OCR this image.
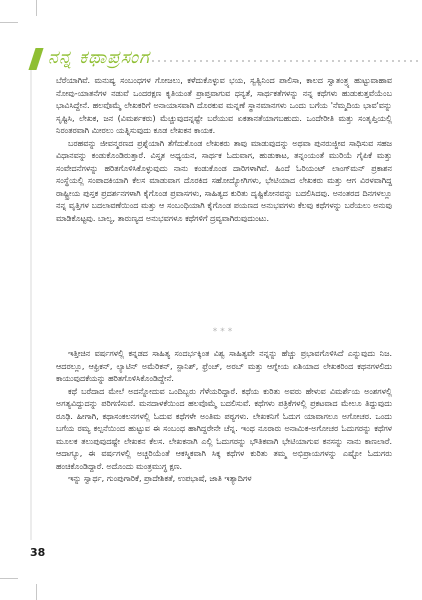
ನನ್ನ ಕಥಾಪ್ರಸಂಗ

ಬೆರೆಯಾಗಿವೆ. ಮನುಷ್ಯ ಸಂಬಂಧಗಳ ಗೋಜಲು, ಕಳೆದುಕೊಳ್ಳುವ ಭಯ, ಸ್ವತ್ವಿನಿಂದ ಪಾಲಿಸಾ, ಕಾಲದ ಸ್ವಾತಂತ್ರ್ಯ ಹುಟ್ಟುವಾಹಾವ ನೋವು-ಯಾತನೆಗಳ ನಡುವೆ ಒಂದರಕ್ಷಣ ಕೃತಿಯಂತೆ ಪ್ರಾಪ್ತವಾಗುವ ಧನ್ಯತೆ, ಸಾರ್ಥಕತೆಗಳನ್ನು ನನ್ನ ಕಥೆಗಳು ಹುಡುಕುತ್ತವೆಯೆಂಬ ಭಾವಿಸಿದ್ದೇನೆ. ಹಲವೊಮ್ಮೆ ಲೇಖಕರಿಗೆ ಅನಾಯಾಸವಾಗಿ ದೊರಕುವ ಮನ್ನಣೆ ಸ್ಥಾನಮಾನಗಳು ಒಂದು ಬಗೆಯ 'ನೆಮ್ಮದಿಯ ಭಾವ'ವನ್ನು ಸೃಷ್ಟಿಸಿ, ಲೇಖಕ, ಜನ (ವಿಮರ್ಶಕರು) ಮೆಚ್ಚುವುದನ್ನಷ್ಟೇ ಬರೆಯುವ ಏಕತಾನತೆಯಾಗಬಹುದು. ಒಂದೇರೀತಿ ಮತ್ತು ಸಂತೃಪ್ತಿಯಲ್ಲಿ ನಿರಂತರವಾಗಿ ಮೀರಲು ಯತ್ನಿಸುವುದು ಕೂಡ ಲೇಖಕನ ಕಾಯಕ.

ಬರಹವನ್ನು ಜೀವನ್ಮರಣದ ಪ್ರಶ್ನೆಯಾಗಿ ತೆಗೆದುಕೊಂಡ ಲೇಖಕರು ತಾವು ಮಾಡುವುದನ್ನು ಅಥವಾ ಪುನರುಜ್ಜೀವ ಸಾಧಿಸುವ ಸಹಜ ವಿಧಾನವನ್ನು ಕಂಡುಕೊಂಡಿರುತ್ತಾರೆ. ವಿಸ್ತೃತ ಅಧ್ಯಯನ, ಸಾರ್ಥಕ ಓದುವಾಗ, ಹುಡುಕಾಟ, ತನ್ನಂಯಂತೆ ಮುರಿಯೆ ಗೈಪಿಕೆ ಮತ್ತು ಸಂವೇದನೆಗಳನ್ನು ಹರಿತಗೊಳಿಸಿಕೊಳ್ಳುವುದು ನಾನು ಕಂಡುಕೊಂಡ ದಾರಿಗಳಾಗಿವೆ. ಹಿಂದೆ ಓರಿಯಂಟ್ ಲಾಂಗ್‌ಮನ್ ಪ್ರಕಾಶನ ಸಂಸ್ಥೆಯಲ್ಲಿ ಸಂಪಾದಕಿಯಾಗಿ ಕೆಲಸ ಮಾಡುವಾಗ ದೊರಕಿದ ಸಹೋದ್ಯೋಗಿಗಳು, ಭೇಟಿಯಾದ ಲೇಖಕರು ಮತ್ತು ಆಗ ವಿರಳವಾಗಿದ್ದ ರಾಷ್ಟ್ರೀಯ ಪುಸ್ತಕ ಪ್ರದರ್ಶನಗಳಾಗಿ ಕೈಗೊಂಡ ಪ್ರವಾಸಗಳು, ಸಾಹಿತ್ಯದ ಕುರಿತು ದೃಷ್ಟಿಕೋನವನ್ನು ಬದಲಿಸಿದವು. ಅನಂತರದ ದಿನಗಳಲ್ಲೂ ನನ್ನ ವೃತ್ತಿಗಳ ಬದಲಾವಣೆಯಿಂದ ಮತ್ತು ಆ ಸಂಬಂಧಿಯಾಗಿ ಕೈಗೊಂಡ ಪಯಣದ ಅನುಭವಗಳು ಕೆಲವು ಕಥೆಗಳನ್ನು ಬರೆಯಲು ಅನುವು ಮಾಡಿಕೊಟ್ಟವು. ಬಾಲ್ಯ, ತಾರುಣ್ಯದ ಅನುಭವಗಳೂ ಕಥೆಗಳಿಗೆ ದ್ರವ್ಯವಾಗಿರುವುದುಂಟು.

***

ಇತ್ತೀಚಿನ ವರ್ಷಗಳಲ್ಲಿ ಕನ್ನಡದ ಸಾಹಿತ್ಯ ಸಂದರ್ಭಕ್ಕಿಂತ ವಿಶ್ವ ಸಾಹಿತ್ಯವೇ ನನ್ನನ್ನು ಹೆಚ್ಚು ಪ್ರಭಾವಗೊಳಿಸಿದೆ ಎನ್ನುವುದು ನಿಜ. ಆದರಲ್ಲೂ, ಆಫ್ರಿಕನ್, ಲ್ಯಾಟಿನ್ ಅಮೆರಿಕನ್, ಸ್ಪಾನಿಶ್, ಫ್ರೆಂಚ್, ಅರಬ್ ಮತ್ತು ಆಗ್ನೇಯ ಏಶಿಯಾದ ಲೇಖಕರಿಂದ ಕಥನಗಳಲಿದು ಕಾಯುವುದಕೆಯನ್ನು ಹರಿತಗೊಳಿಸಿಕೊಂಡಿದ್ದೇನೆ.

ಕಥೆ ಬರೆದಾದ ಮೇಲೆ ಅದನ್ನೋದುವ ಒಂದಿಬ್ಬರು ಗೆಳೆಯರಿದ್ದಾರೆ. ಕಥೆಯ ಕುರಿತು ಅವರು ಹೇಳುವ ವಿಮರ್ಶೆಯ ಅಂಶಗಳಲ್ಲಿ ಅಗತ್ಯವಿದ್ದುದನ್ನು ಪರಿಗಣಿಸುವೆ. ಮನದಾಳಕೆಯಿಂದ ಹಲವೊಮ್ಮೆ ಬದಲಿಸುವೆ. ಕಥೆಗಳು ಪತ್ರಿಕೆಗಳಲ್ಲಿ ಪ್ರಕಟವಾದ ಮೇಲೂ ತಿದ್ದುವುದು ರೂಢಿ. ಹೀಗಾಗಿ, ಕಥಾಸಂಕಲನಗಳಲ್ಲಿ ಓದುವ ಕಥೆಗಳೇ ಅಂತಿಮ ಪಠ್ಯಗಳು. ಲೇಖಕನಿಗೆ ಓದುಗ ಯಾವಾಗಲೂ ಅಗೋಚರ. ಒಂದು ಬಗೆಯ ರಮ್ಯ ಕಲ್ಪನೆಯಿಂದ ಹುಟ್ಟುವ ಈ ಸಂಬಂಧ ಹಾಗಿದ್ದರೇನೇ ಚೆನ್ನ. ಇಂಥ ನೂರಾರು ಅನಾಮಿಕ-ಅಗೋಚರ ಓದುಗರನ್ನು ಕಥೆಗಳ ಮೂಲಕ ತಲುಪುವುದಷ್ಟೇ ಲೇಖಕನ ಕೆಲಸ. ಲೇಖಕನಾಗಿ ಎಲ್ಲಿ ಓದುಗರನ್ನು ಭೌತಿಕವಾಗಿ ಭೇಟಿಯಾಗುವ ಕನಸನ್ನು ನಾನು ಕಾಣಲಾರೆ. ಆದಾಗ್ಯೂ, ಈ ವರ್ಷಗಳಲ್ಲಿ ಅಚ್ಚರಿಯೆಂತೆ ಆಕಸ್ಮಿಕವಾಗಿ ಸಿಕ್ಕ ಕಥೆಗಳ ಕುರಿತು ತಮ್ಮ ಅಭಿಪ್ರಾಯಗಳನ್ನು ಎಷ್ಟೋ ಓದುಗರು ಹಂಚಿಕೊಂಡಿದ್ದಾರೆ. ಅದೊಂದು ಮಂತ್ರಮುಗ್ಧ ಕ್ಷಣ.

ಇನ್ನು ಸ್ವಾರ್ಥ, ಗುಂಪುಗಾರಿಕೆ, ಪ್ರಾದೇಶಿಕತೆ, ಉಪಭಾಷೆ, ಜಾತಿ ಇತ್ಯಾದಿಗಳ

38
